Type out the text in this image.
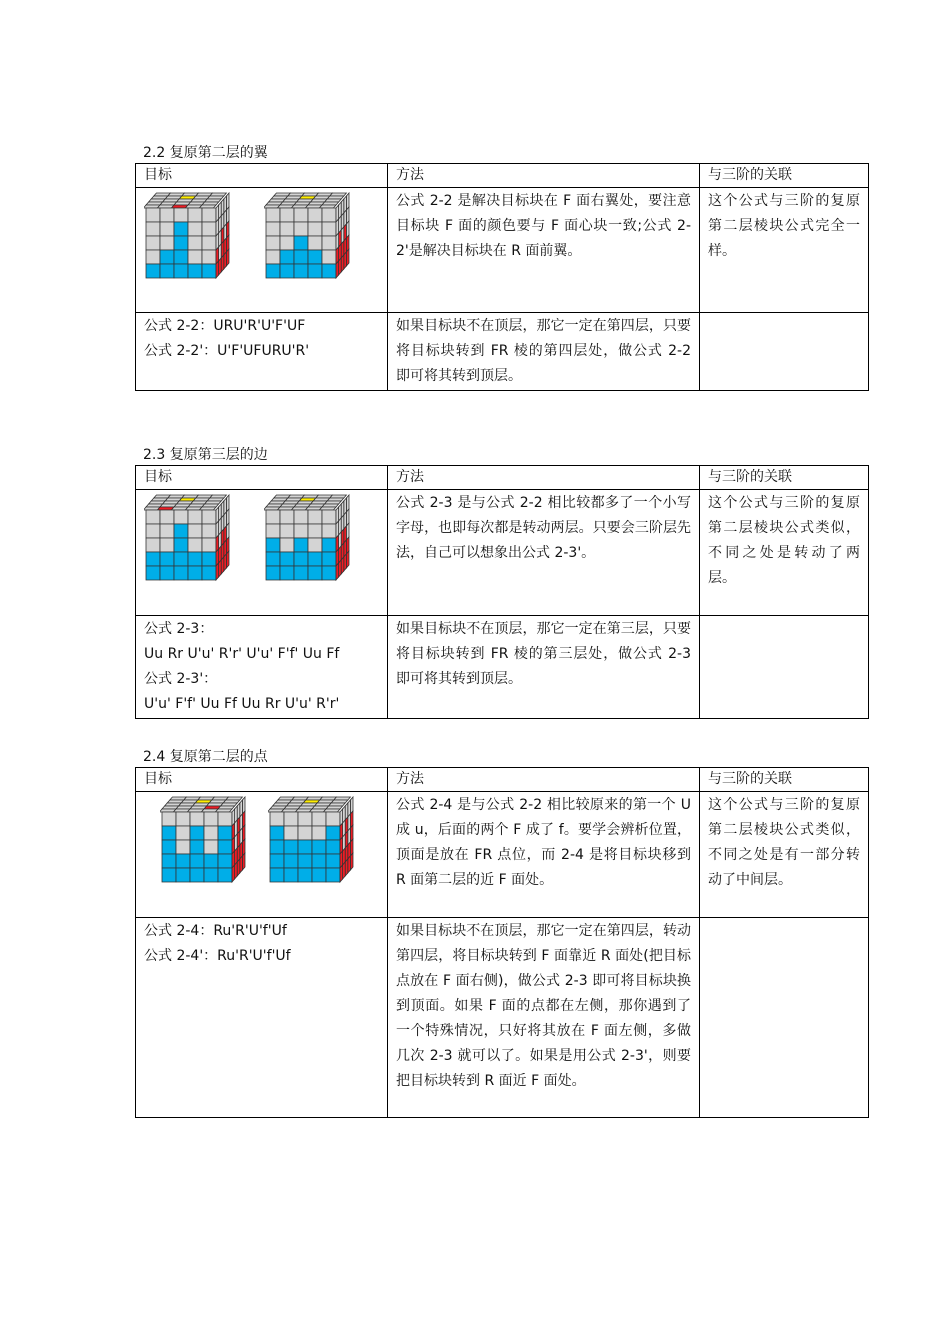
2.2 复原第二层的翼
目标	方法	与三阶的关联

	公式 2-2 是解决目标块在 F 面右翼处，要注意目标块 F 面的颜色要与 F 面心块一致;公式 2-2'是解决目标块在 R 面前翼。	这个公式与三阶的复原第二层棱块公式完全一样。

公式 2-2：URU'R'U'F'UF
公式 2-2'：U'F'UFURU'R'	如果目标块不在顶层，那它一定在第四层，只要将目标块转到 FR 棱的第四层处，做公式 2-2 即可将其转到顶层。	
2.3 复原第三层的边
目标	方法	与三阶的关联

	公式 2-3 是与公式 2-2 相比较都多了一个小写字母，也即每次都是转动两层。只要会三阶层先法，自己可以想象出公式 2-3'。	这个公式与三阶的复原第二层棱块公式类似，不同之处是转动了两层。

公式 2-3：
Uu Rr U'u' R'r' U'u' F'f' Uu Ff
公式 2-3'：
U'u' F'f' Uu Ff Uu Rr U'u' R'r'	如果目标块不在顶层，那它一定在第三层，只要将目标块转到 FR 棱的第三层处，做公式 2-3 即可将其转到顶层。	
2.4 复原第二层的点
目标	方法	与三阶的关联

	公式 2-4 是与公式 2-2 相比较原来的第一个 U 成 u，后面的两个 F 成了 f。要学会辨析位置，顶面是放在 FR 点位，而 2-4 是将目标块移到 R 面第二层的近 F 面处。	这个公式与三阶的复原第二层棱块公式类似，不同之处是有一部分转动了中间层。

公式 2-4：Ru'R'U'f'Uf
公式 2-4'：Ru'R'U'f'Uf	如果目标块不在顶层，那它一定在第四层，转动第四层，将目标块转到 F 面靠近 R 面处(把目标点放在 F 面右侧)，做公式 2-3 即可将目标块换到顶面。如果 F 面的点都在左侧，那你遇到了一个特殊情况，只好将其放在 F 面左侧，多做几次 2-3 就可以了。如果是用公式 2-3'，则要把目标块转到 R 面近 F 面处。	
